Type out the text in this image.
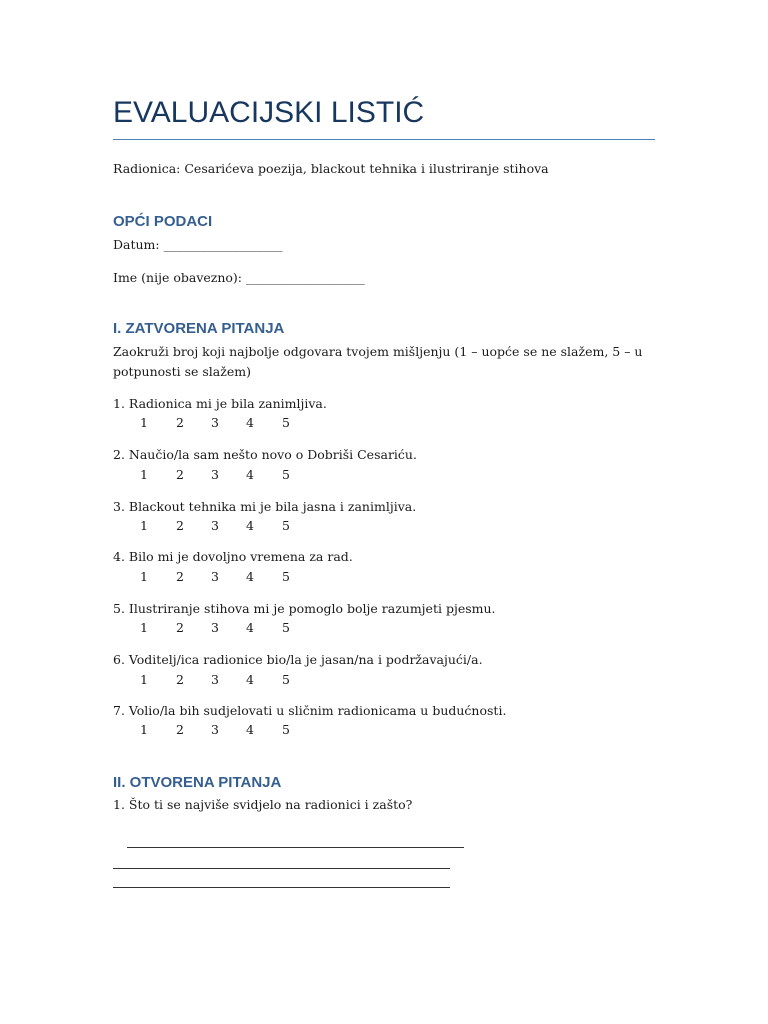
EVALUACIJSKI LISTIĆ
Radionica: Cesarićeva poezija, blackout tehnika i ilustriranje stihova
OPĆI PODACI
Datum: ___________________
Ime (nije obavezno): ___________________
I. ZATVORENA PITANJA
Zaokruži broj koji najbolje odgovara tvojem mišljenju (1 – uopće se ne slažem, 5 – u
potpunosti se slažem)
1. Radionica mi je bila zanimljiva.
1 2 3 4 5
2. Naučio/la sam nešto novo o Dobriši Cesariću.
1 2 3 4 5
3. Blackout tehnika mi je bila jasna i zanimljiva.
1 2 3 4 5
4. Bilo mi je dovoljno vremena za rad.
1 2 3 4 5
5. Ilustriranje stihova mi je pomoglo bolje razumjeti pjesmu.
1 2 3 4 5
6. Voditelj/ica radionice bio/la je jasan/na i podržavajući/a.
1 2 3 4 5
7. Volio/la bih sudjelovati u sličnim radionicama u budućnosti.
1 2 3 4 5
II. OTVORENA PITANJA
1. Što ti se najviše svidjelo na radionici i zašto?
